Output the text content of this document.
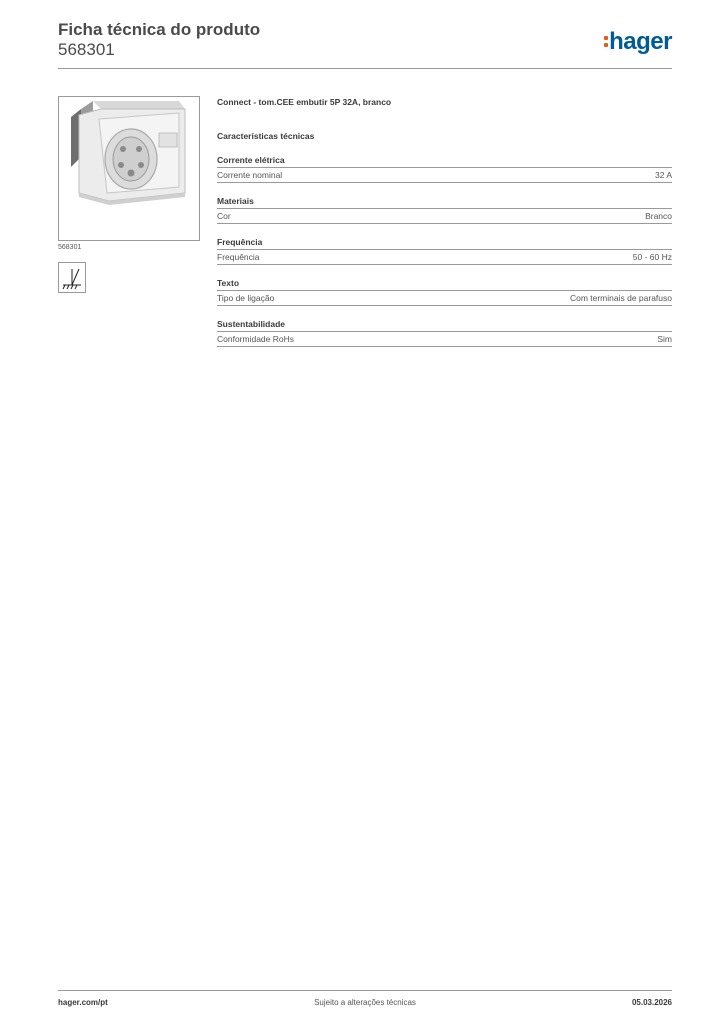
Ficha técnica do produto
568301	hager
568301
Connect - tom.CEE embutir 5P 32A, branco
Características técnicas
Corrente elétrica
Corrente nominal	32 A
Materiais
Cor	Branco
Frequência
Frequência	50 - 60 Hz
Texto
Tipo de ligação	Com terminais de parafuso
Sustentabilidade
Conformidade RoHs	Sim
hager.com/pt	Sujeito a alterações técnicas	05.03.2026
